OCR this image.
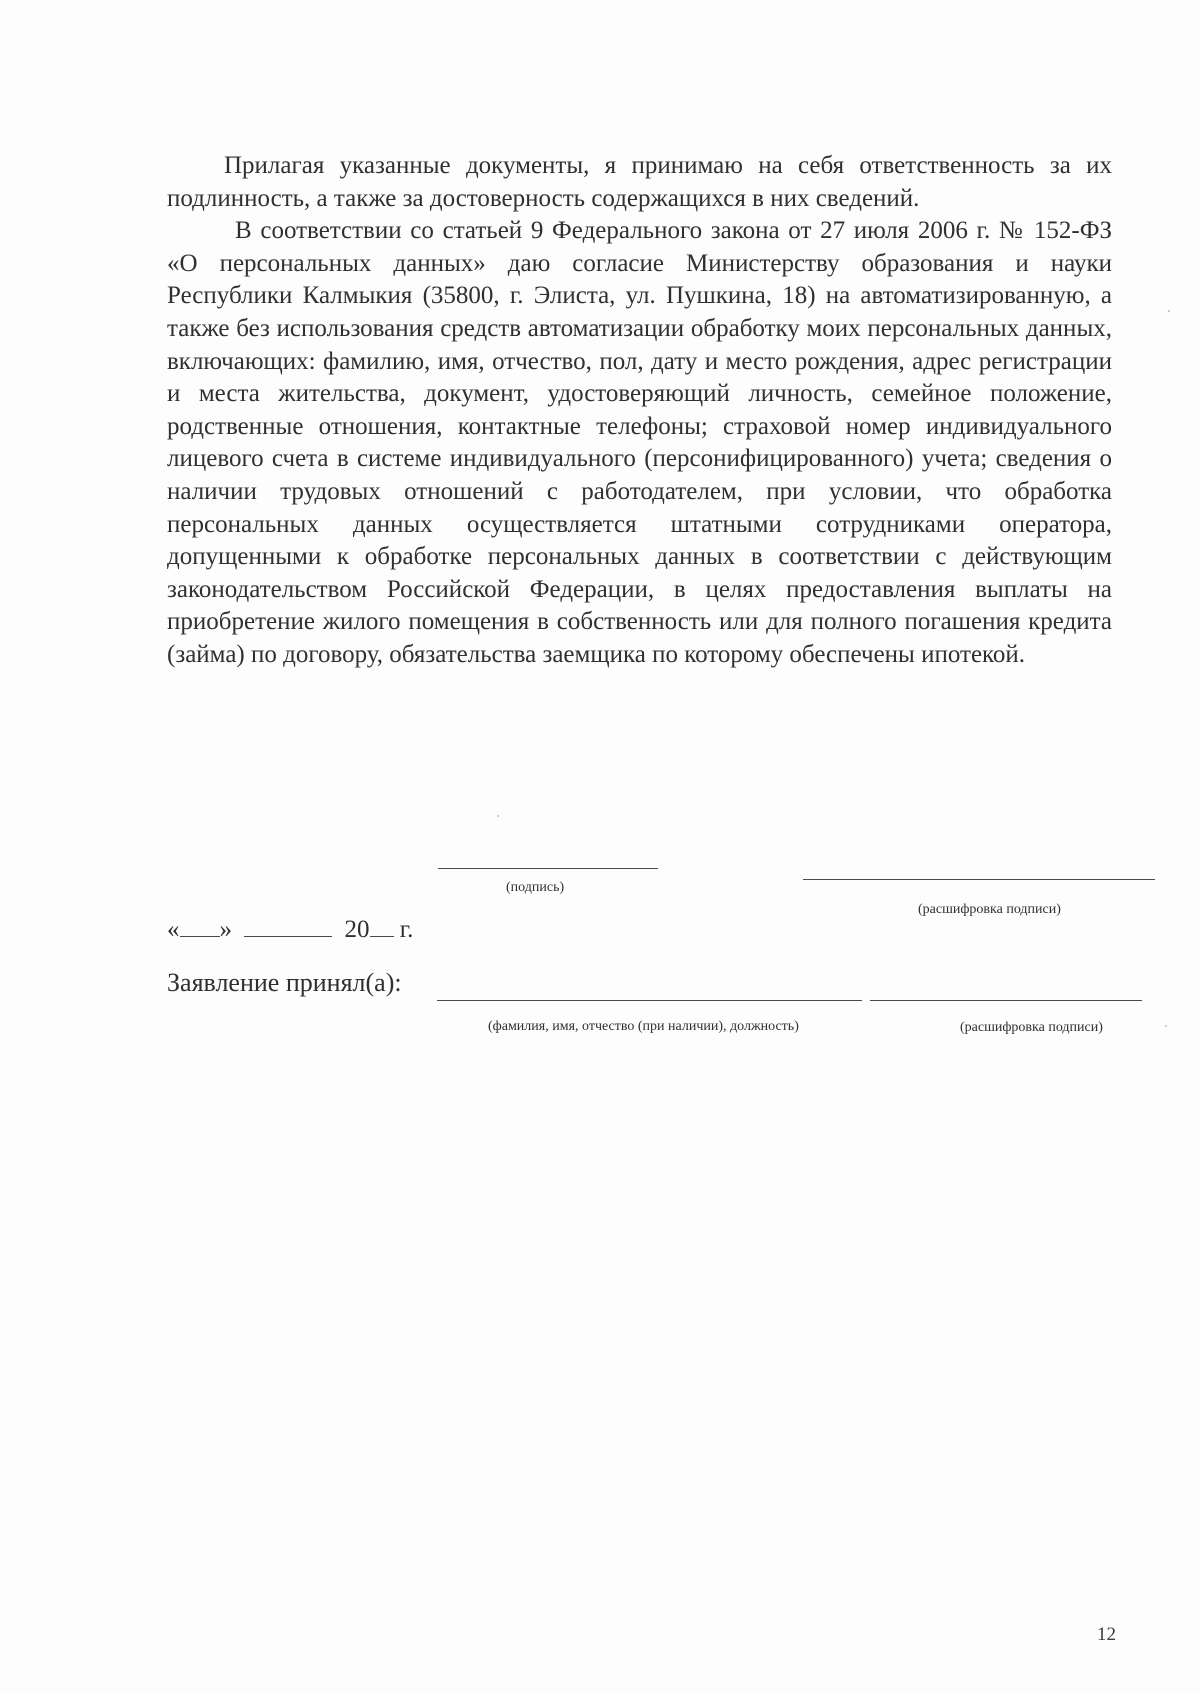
Прилагая указанные документы, я принимаю на себя ответственность за их подлинность, а также за достоверность содержащихся в них сведений.

В соответствии со статьей 9 Федерального закона от 27 июля 2006 г. № 152-ФЗ «О персональных данных» даю согласие Министерству образования и науки Республики Калмыкия (35800, г. Элиста, ул. Пушкина, 18) на автоматизированную, а также без использования средств автоматизации обработку моих персональных данных, включающих: фамилию, имя, отчество, пол, дату и место рождения, адрес регистрации и места жительства, документ, удостоверяющий личность, семейное положение, родственные отношения, контактные телефоны; страховой номер индивидуального лицевого счета в системе индивидуального (персонифицированного) учета; сведения о наличии трудовых отношений с работодателем, при условии, что обработка персональных данных осуществляется штатными сотрудниками оператора, допущенными к обработке персональных данных в соответствии с действующим законодательством Российской Федерации, в целях предоставления выплаты на приобретение жилого помещения в собственность или для полного погашения кредита (займа) по договору, обязательства заемщика по которому обеспечены ипотекой.

(подпись)
(расшифровка подписи)
« »	20 г.
Заявление принял(а):
(фамилия, имя, отчество (при наличии), должность)	(расшифровка подписи)
12
